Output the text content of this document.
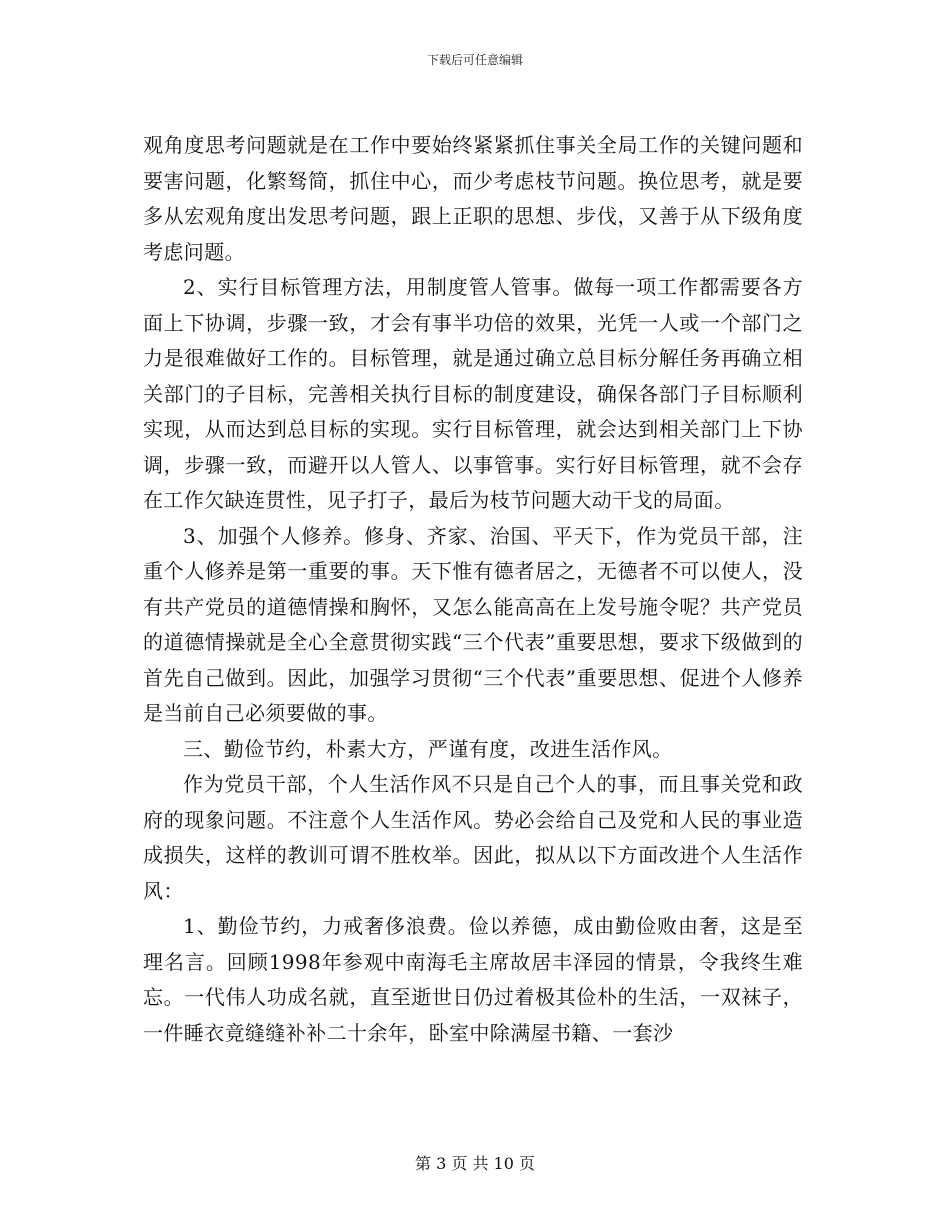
下载后可任意编辑

观角度思考问题就是在工作中要始终紧紧抓住事关全局工作的关键问题和要害问题，化繁驽简，抓住中心，而少考虑枝节问题。换位思考，就是要多从宏观角度出发思考问题，跟上正职的思想、步伐，又善于从下级角度考虑问题。

2、实行目标管理方法，用制度管人管事。做每一项工作都需要各方面上下协调，步骤一致，才会有事半功倍的效果，光凭一人或一个部门之力是很难做好工作的。目标管理，就是通过确立总目标分解任务再确立相关部门的子目标，完善相关执行目标的制度建设，确保各部门子目标顺利实现，从而达到总目标的实现。实行目标管理，就会达到相关部门上下协调，步骤一致，而避开以人管人、以事管事。实行好目标管理，就不会存在工作欠缺连贯性，见子打子，最后为枝节问题大动干戈的局面。

3、加强个人修养。修身、齐家、治国、平天下，作为党员干部，注重个人修养是第一重要的事。天下惟有德者居之，无德者不可以使人，没有共产党员的道德情操和胸怀，又怎么能高高在上发号施令呢？共产党员的道德情操就是全心全意贯彻实践“三个代表”重要思想，要求下级做到的首先自己做到。因此，加强学习贯彻“三个代表”重要思想、促进个人修养是当前自己必须要做的事。

三、勤俭节约，朴素大方，严谨有度，改进生活作风。

作为党员干部，个人生活作风不只是自己个人的事，而且事关党和政府的现象问题。不注意个人生活作风。势必会给自己及党和人民的事业造成损失，这样的教训可谓不胜枚举。因此，拟从以下方面改进个人生活作风：

1、勤俭节约，力戒奢侈浪费。俭以养德，成由勤俭败由奢，这是至理名言。回顾1998年参观中南海毛主席故居丰泽园的情景，令我终生难忘。一代伟人功成名就，直至逝世日仍过着极其俭朴的生活，一双袜子，一件睡衣竟缝缝补补二十余年，卧室中除满屋书籍、一套沙

第 3 页 共 10 页
